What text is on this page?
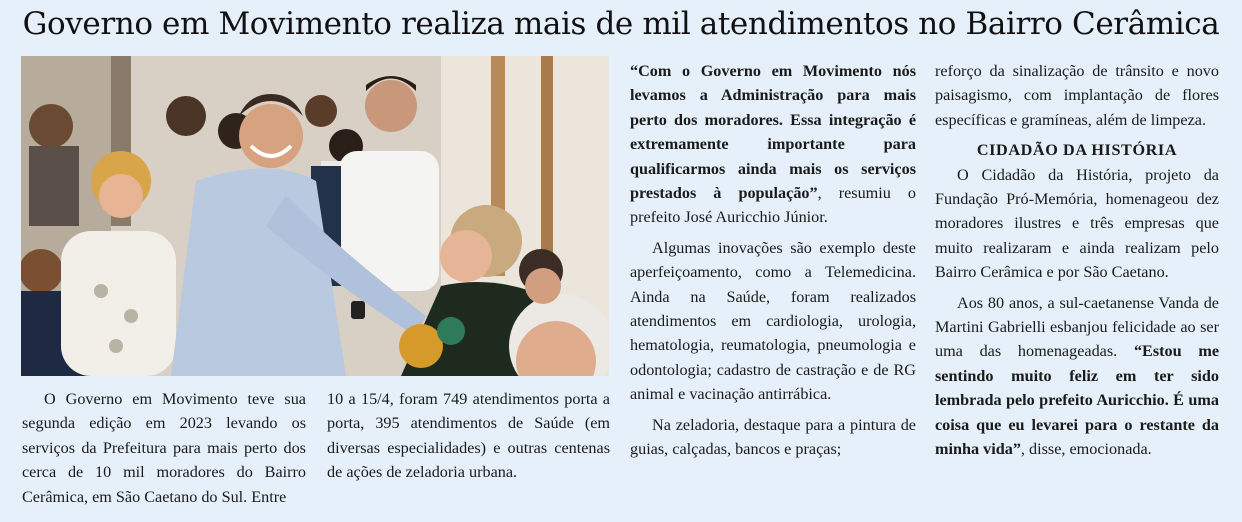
Governo em Movimento realiza mais de mil atendimentos no Bairro Cerâmica

O Governo em Movimento teve sua segunda edição em 2023 levando os serviços da Prefeitura para mais perto dos cerca de 10 mil moradores do Bairro Cerâmica, em São Caetano do Sul. Entre

10 a 15/4, foram 749 atendimentos porta a porta, 395 atendimentos de Saúde (em diversas especialidades) e outras centenas de ações de zeladoria urbana.

“Com o Governo em Movimento nós levamos a Administração para mais perto dos moradores. Essa integração é extremamente importante para qualificarmos ainda mais os serviços prestados à população”, resumiu o prefeito José Auricchio Júnior.

Algumas inovações são exemplo deste aperfeiçoamento, como a Telemedicina. Ainda na Saúde, foram realizados atendimentos em cardiologia, urologia, hematologia, reumatologia, pneumologia e odontologia; cadastro de castração e de RG animal e vacinação antirrábica.

Na zeladoria, destaque para a pintura de guias, calçadas, bancos e praças;

reforço da sinalização de trânsito e novo paisagismo, com implantação de flores específicas e gramíneas, além de limpeza.

CIDADÃO DA HISTÓRIA

O Cidadão da História, projeto da Fundação Pró-Memória, homenageou dez moradores ilustres e três empresas que muito realizaram e ainda realizam pelo Bairro Cerâmica e por São Caetano.

Aos 80 anos, a sul-caetanense Vanda de Martini Gabrielli esbanjou felicidade ao ser uma das homenageadas. “Estou me sentindo muito feliz em ter sido lembrada pelo prefeito Auricchio. É uma coisa que eu levarei para o restante da minha vida”, disse, emocionada.
